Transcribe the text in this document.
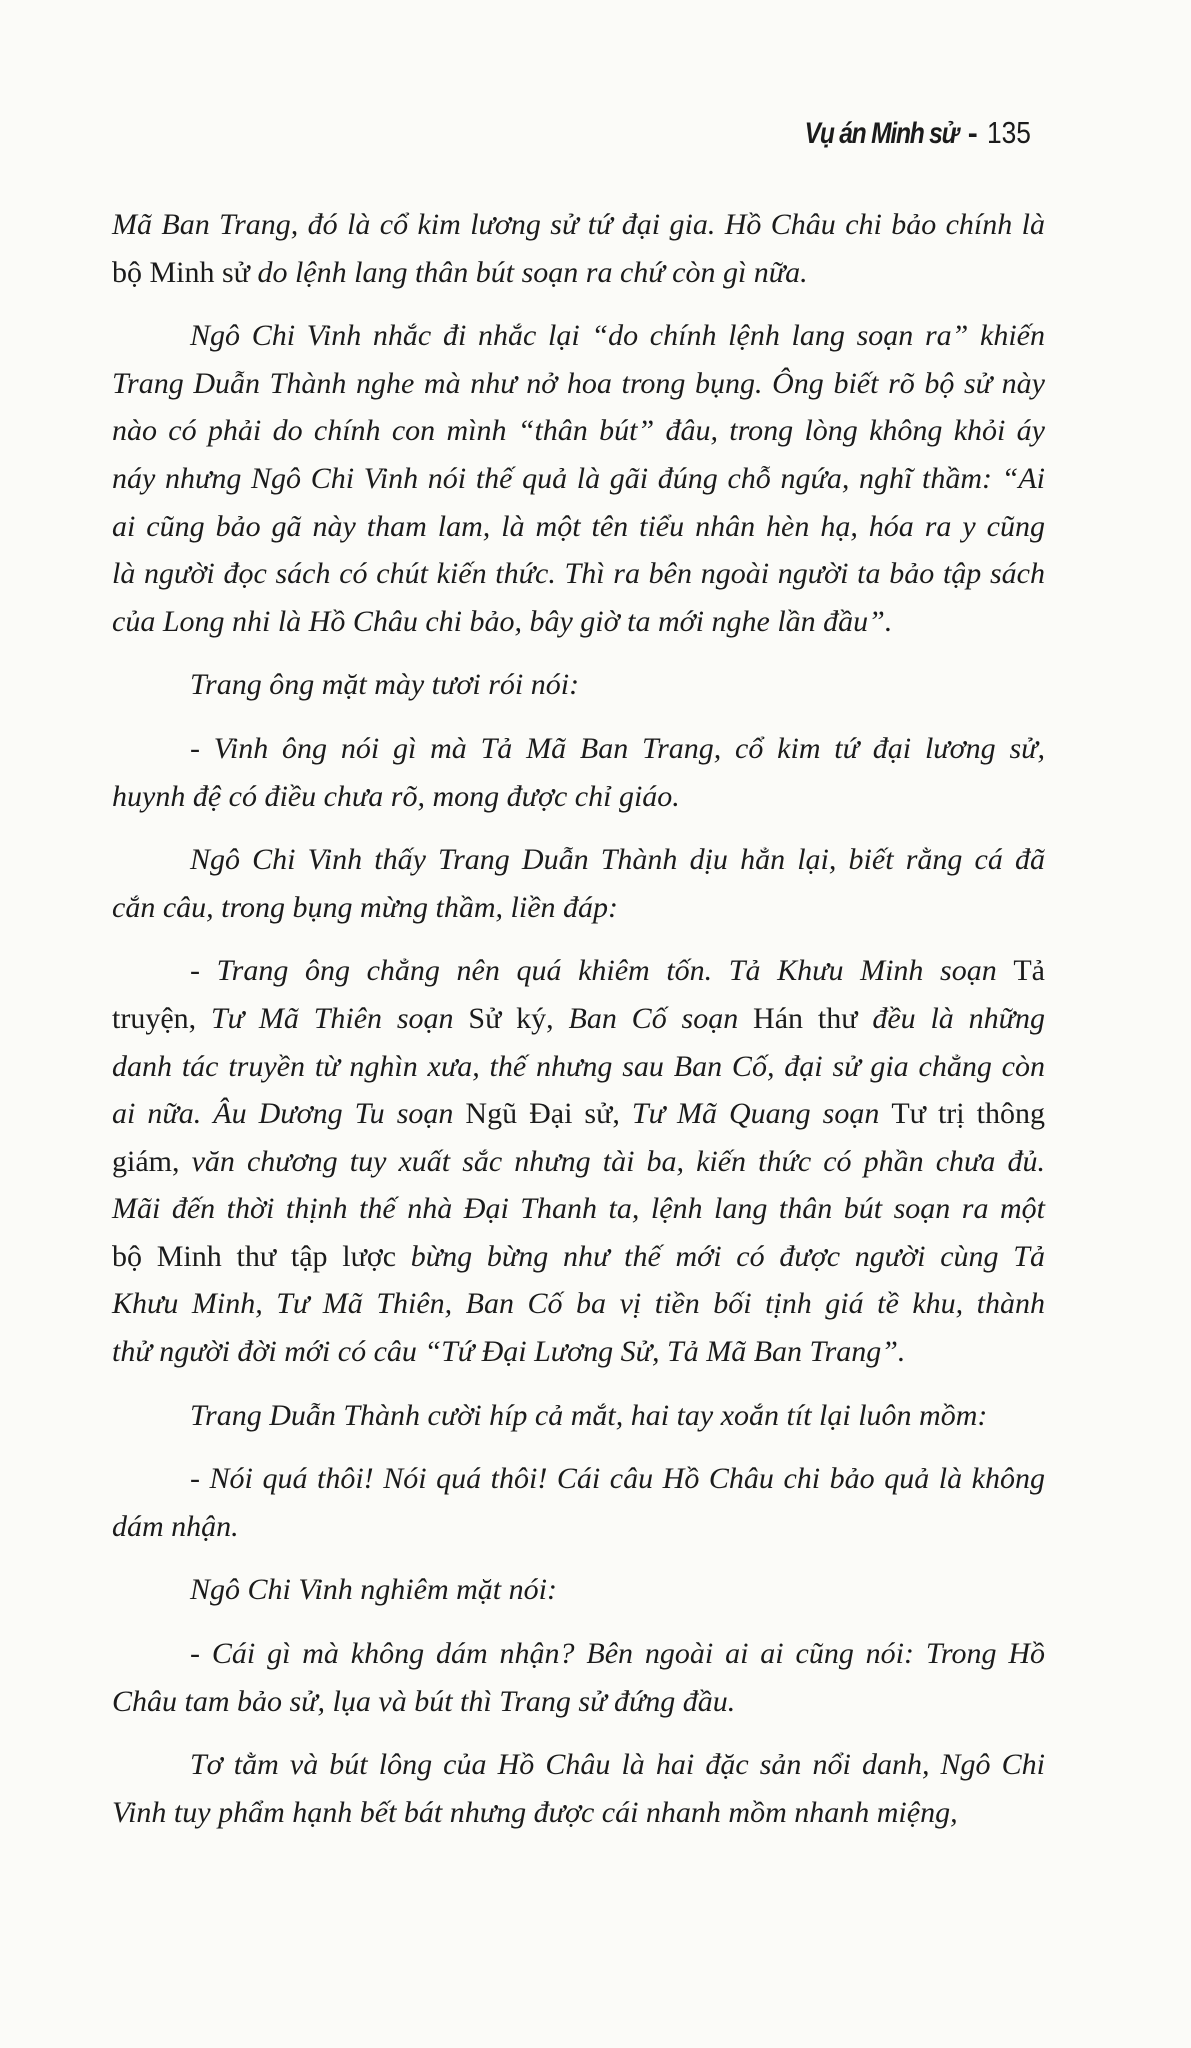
Vụ án Minh sử - 135
Mã Ban Trang, đó là cổ kim lương sử tứ đại gia. Hồ Châu chi bảo chính là
bộ Minh sử do lệnh lang thân bút soạn ra chứ còn gì nữa.
Ngô Chi Vinh nhắc đi nhắc lại “do chính lệnh lang soạn ra” khiến
Trang Duẫn Thành nghe mà như nở hoa trong bụng. Ông biết rõ bộ sử này
nào có phải do chính con mình “thân bút” đâu, trong lòng không khỏi áy
náy nhưng Ngô Chi Vinh nói thế quả là gãi đúng chỗ ngứa, nghĩ thầm: “Ai
ai cũng bảo gã này tham lam, là một tên tiểu nhân hèn hạ, hóa ra y cũng
là người đọc sách có chút kiến thức. Thì ra bên ngoài người ta bảo tập sách
của Long nhi là Hồ Châu chi bảo, bây giờ ta mới nghe lần đầu”.
Trang ông mặt mày tươi rói nói:
- Vinh ông nói gì mà Tả Mã Ban Trang, cổ kim tứ đại lương sử,
huynh đệ có điều chưa rõ, mong được chỉ giáo.
Ngô Chi Vinh thấy Trang Duẫn Thành dịu hẳn lại, biết rằng cá đã
cắn câu, trong bụng mừng thầm, liền đáp:
- Trang ông chẳng nên quá khiêm tốn. Tả Khưu Minh soạn Tả
truyện, Tư Mã Thiên soạn Sử ký, Ban Cố soạn Hán thư đều là những
danh tác truyền từ nghìn xưa, thế nhưng sau Ban Cố, đại sử gia chẳng còn
ai nữa. Âu Dương Tu soạn Ngũ Đại sử, Tư Mã Quang soạn Tư trị thông
giám, văn chương tuy xuất sắc nhưng tài ba, kiến thức có phần chưa đủ.
Mãi đến thời thịnh thế nhà Đại Thanh ta, lệnh lang thân bút soạn ra một
bộ Minh thư tập lược bừng bừng như thế mới có được người cùng Tả
Khưu Minh, Tư Mã Thiên, Ban Cố ba vị tiền bối tịnh giá tề khu, thành
thử người đời mới có câu “Tứ Đại Lương Sử, Tả Mã Ban Trang”.
Trang Duẫn Thành cười híp cả mắt, hai tay xoắn tít lại luôn mồm:
- Nói quá thôi! Nói quá thôi! Cái câu Hồ Châu chi bảo quả là không
dám nhận.
Ngô Chi Vinh nghiêm mặt nói:
- Cái gì mà không dám nhận? Bên ngoài ai ai cũng nói: Trong Hồ
Châu tam bảo sử, lụa và bút thì Trang sử đứng đầu.
Tơ tằm và bút lông của Hồ Châu là hai đặc sản nổi danh, Ngô Chi
Vinh tuy phẩm hạnh bết bát nhưng được cái nhanh mồm nhanh miệng,
